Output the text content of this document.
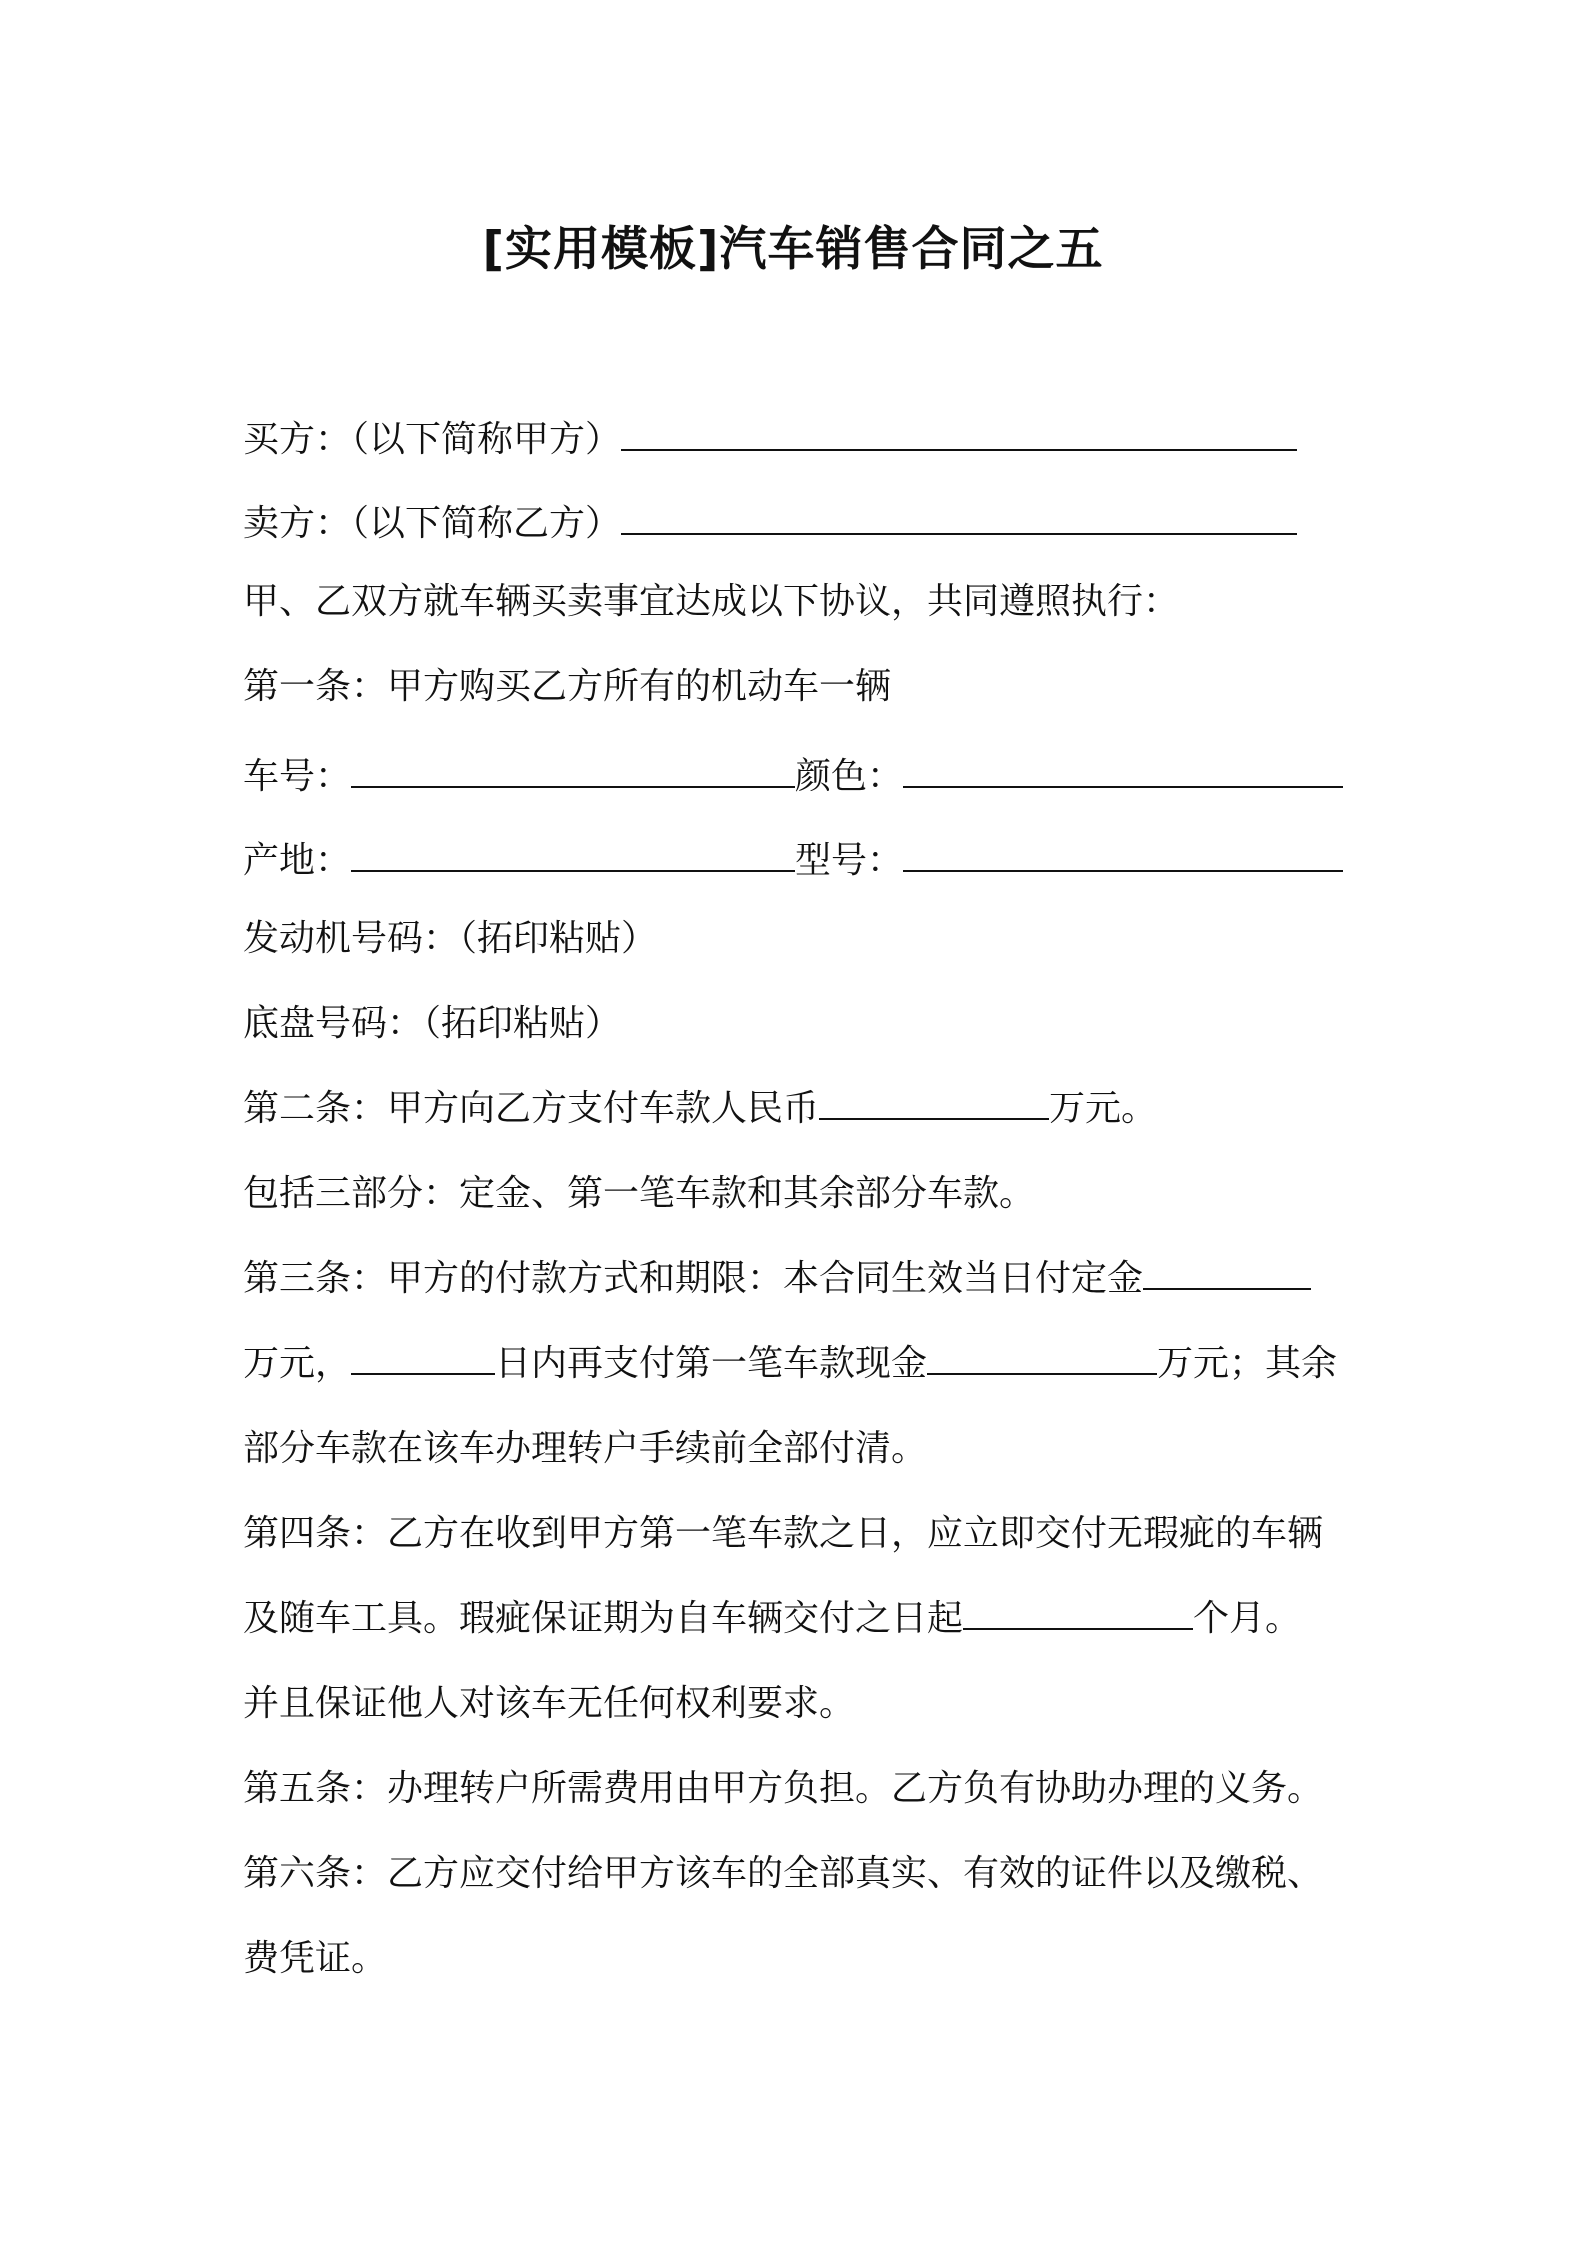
[实用模板]汽车销售合同之五
买方：（以下简称甲方）
卖方：（以下简称乙方）
甲、乙双方就车辆买卖事宜达成以下协议，共同遵照执行：
第一条：甲方购买乙方所有的机动车一辆
车号：	颜色：
产地：	型号：
发动机号码：（拓印粘贴）
底盘号码：（拓印粘贴）
第二条：甲方向乙方支付车款人民币	万元。
包括三部分：定金、第一笔车款和其余部分车款。
第三条：甲方的付款方式和期限：本合同生效当日付定金
万元，	日内再支付第一笔车款现金	万元；其余
部分车款在该车办理转户手续前全部付清。
第四条：乙方在收到甲方第一笔车款之日，应立即交付无瑕疵的车辆
及随车工具。瑕疵保证期为自车辆交付之日起	个月。
并且保证他人对该车无任何权利要求。
第五条：办理转户所需费用由甲方负担。乙方负有协助办理的义务。
第六条：乙方应交付给甲方该车的全部真实、有效的证件以及缴税、
费凭证。
